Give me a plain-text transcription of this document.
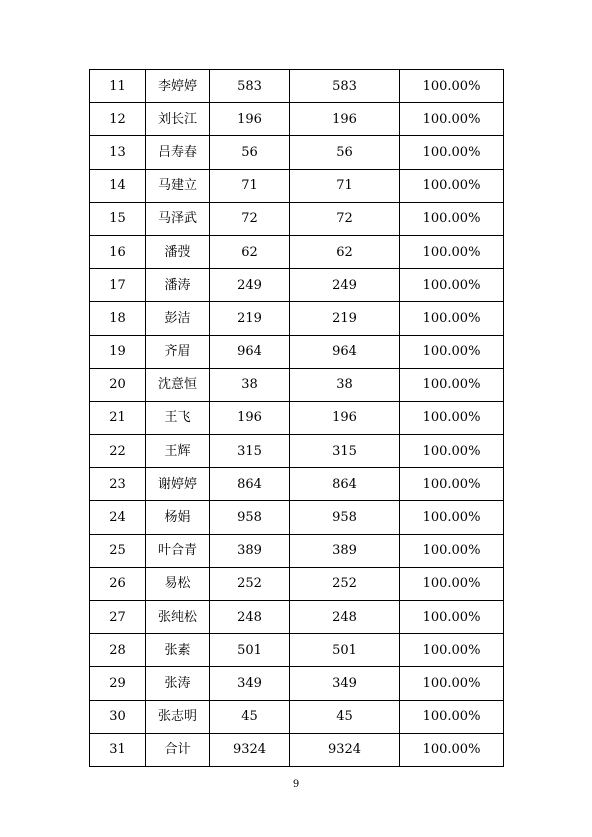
11	李婷婷	583	583	100.00%
12	刘长江	196	196	100.00%
13	吕寿春	56	56	100.00%
14	马建立	71	71	100.00%
15	马泽武	72	72	100.00%
16	潘弢	62	62	100.00%
17	潘涛	249	249	100.00%
18	彭洁	219	219	100.00%
19	齐眉	964	964	100.00%
20	沈意恒	38	38	100.00%
21	王飞	196	196	100.00%
22	王辉	315	315	100.00%
23	谢婷婷	864	864	100.00%
24	杨娟	958	958	100.00%
25	叶合青	389	389	100.00%
26	易松	252	252	100.00%
27	张纯松	248	248	100.00%
28	张素	501	501	100.00%
29	张涛	349	349	100.00%
30	张志明	45	45	100.00%
31	合计	9324	9324	100.00%
9
